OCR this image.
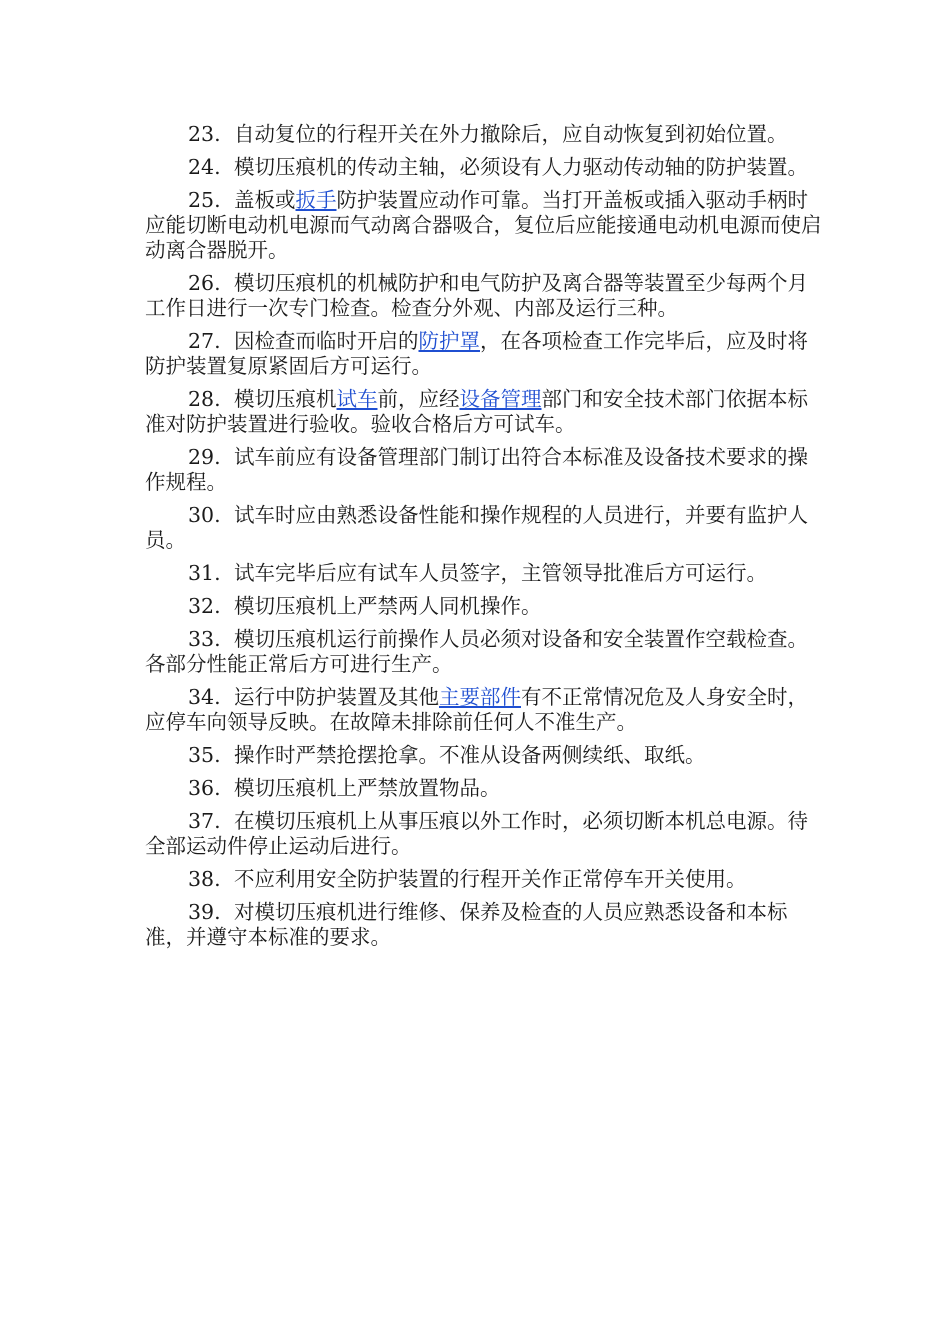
23. 自动复位的行程开关在外力撤除后，应自动恢复到初始位置。

24. 模切压痕机的传动主轴，必须设有人力驱动传动轴的防护装置。

25. 盖板或扳手防护装置应动作可靠。当打开盖板或插入驱动手柄时应能切断电动机电源而气动离合器吸合，复位后应能接通电动机电源而使启动离合器脱开。

26. 模切压痕机的机械防护和电气防护及离合器等装置至少每两个月工作日进行一次专门检查。检查分外观、内部及运行三种。

27. 因检查而临时开启的防护罩，在各项检查工作完毕后，应及时将防护装置复原紧固后方可运行。

28. 模切压痕机试车前，应经设备管理部门和安全技术部门依据本标准对防护装置进行验收。验收合格后方可试车。

29. 试车前应有设备管理部门制订出符合本标准及设备技术要求的操作规程。

30. 试车时应由熟悉设备性能和操作规程的人员进行，并要有监护人员。

31. 试车完毕后应有试车人员签字，主管领导批准后方可运行。

32. 模切压痕机上严禁两人同机操作。

33. 模切压痕机运行前操作人员必须对设备和安全装置作空载检查。各部分性能正常后方可进行生产。

34. 运行中防护装置及其他主要部件有不正常情况危及人身安全时，应停车向领导反映。在故障未排除前任何人不准生产。

35. 操作时严禁抢摆抢拿。不准从设备两侧续纸、取纸。

36. 模切压痕机上严禁放置物品。

37. 在模切压痕机上从事压痕以外工作时，必须切断本机总电源。待全部运动件停止运动后进行。

38. 不应利用安全防护装置的行程开关作正常停车开关使用。

39. 对模切压痕机进行维修、保养及检查的人员应熟悉设备和本标准，并遵守本标准的要求。
